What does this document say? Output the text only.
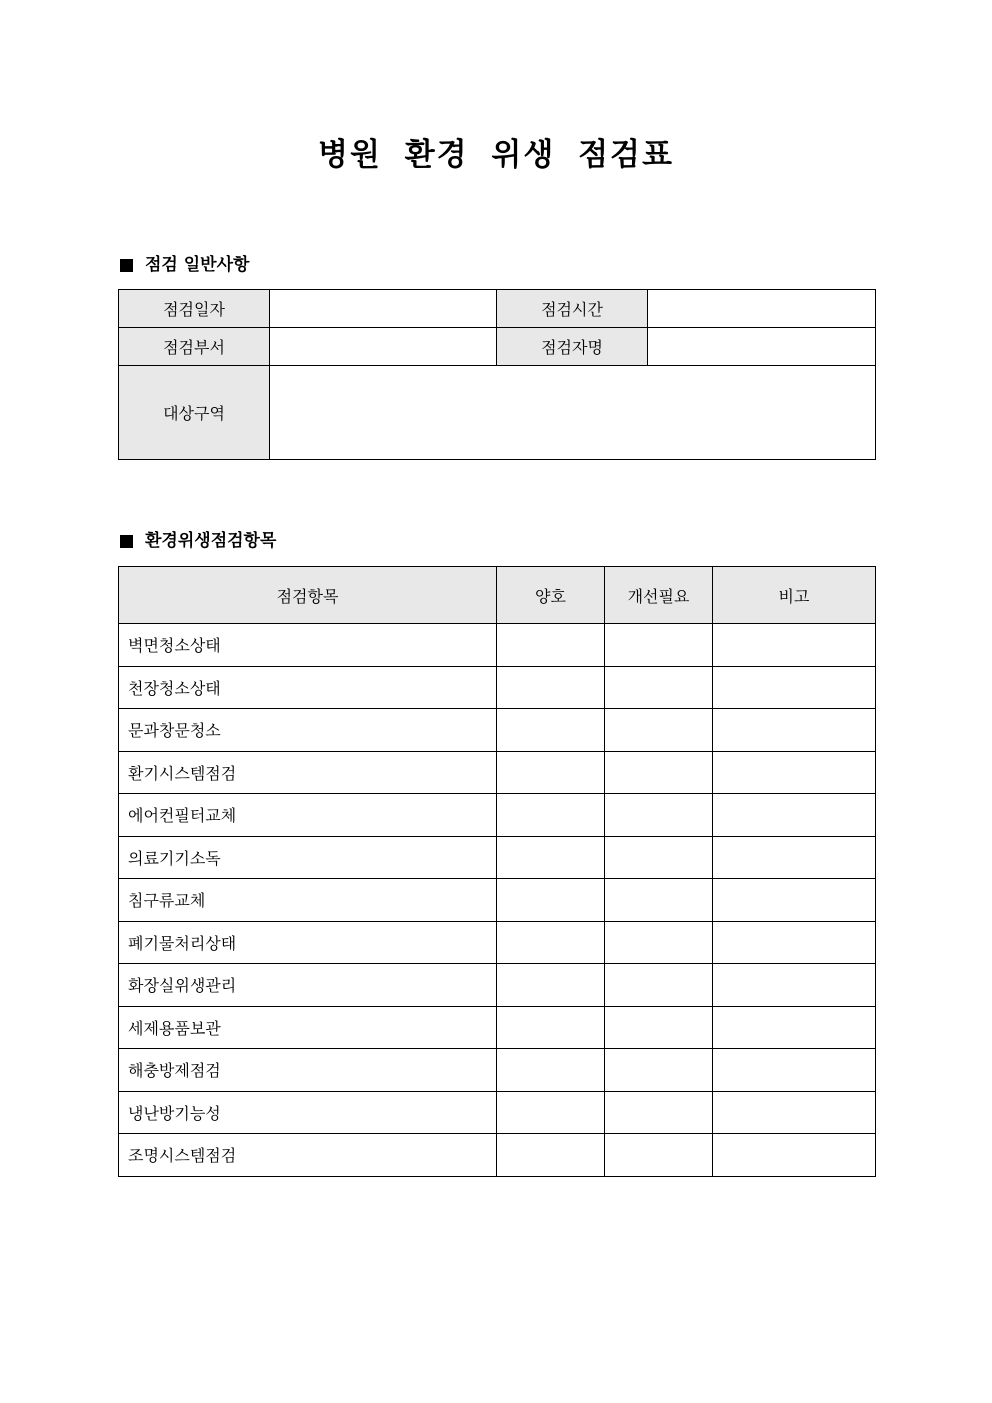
병원 환경 위생 점검표
점검 일반사항
점검일자		점검시간	
점검부서		점검자명	
대상구역			
환경위생점검항목
점검항목	양호	개선필요	비고
벽면청소상태			
천장청소상태			
문과창문청소			
환기시스템점검			
에어컨필터교체			
의료기기소독			
침구류교체			
폐기물처리상태			
화장실위생관리			
세제용품보관			
해충방제점검			
냉난방기능성			
조명시스템점검			
